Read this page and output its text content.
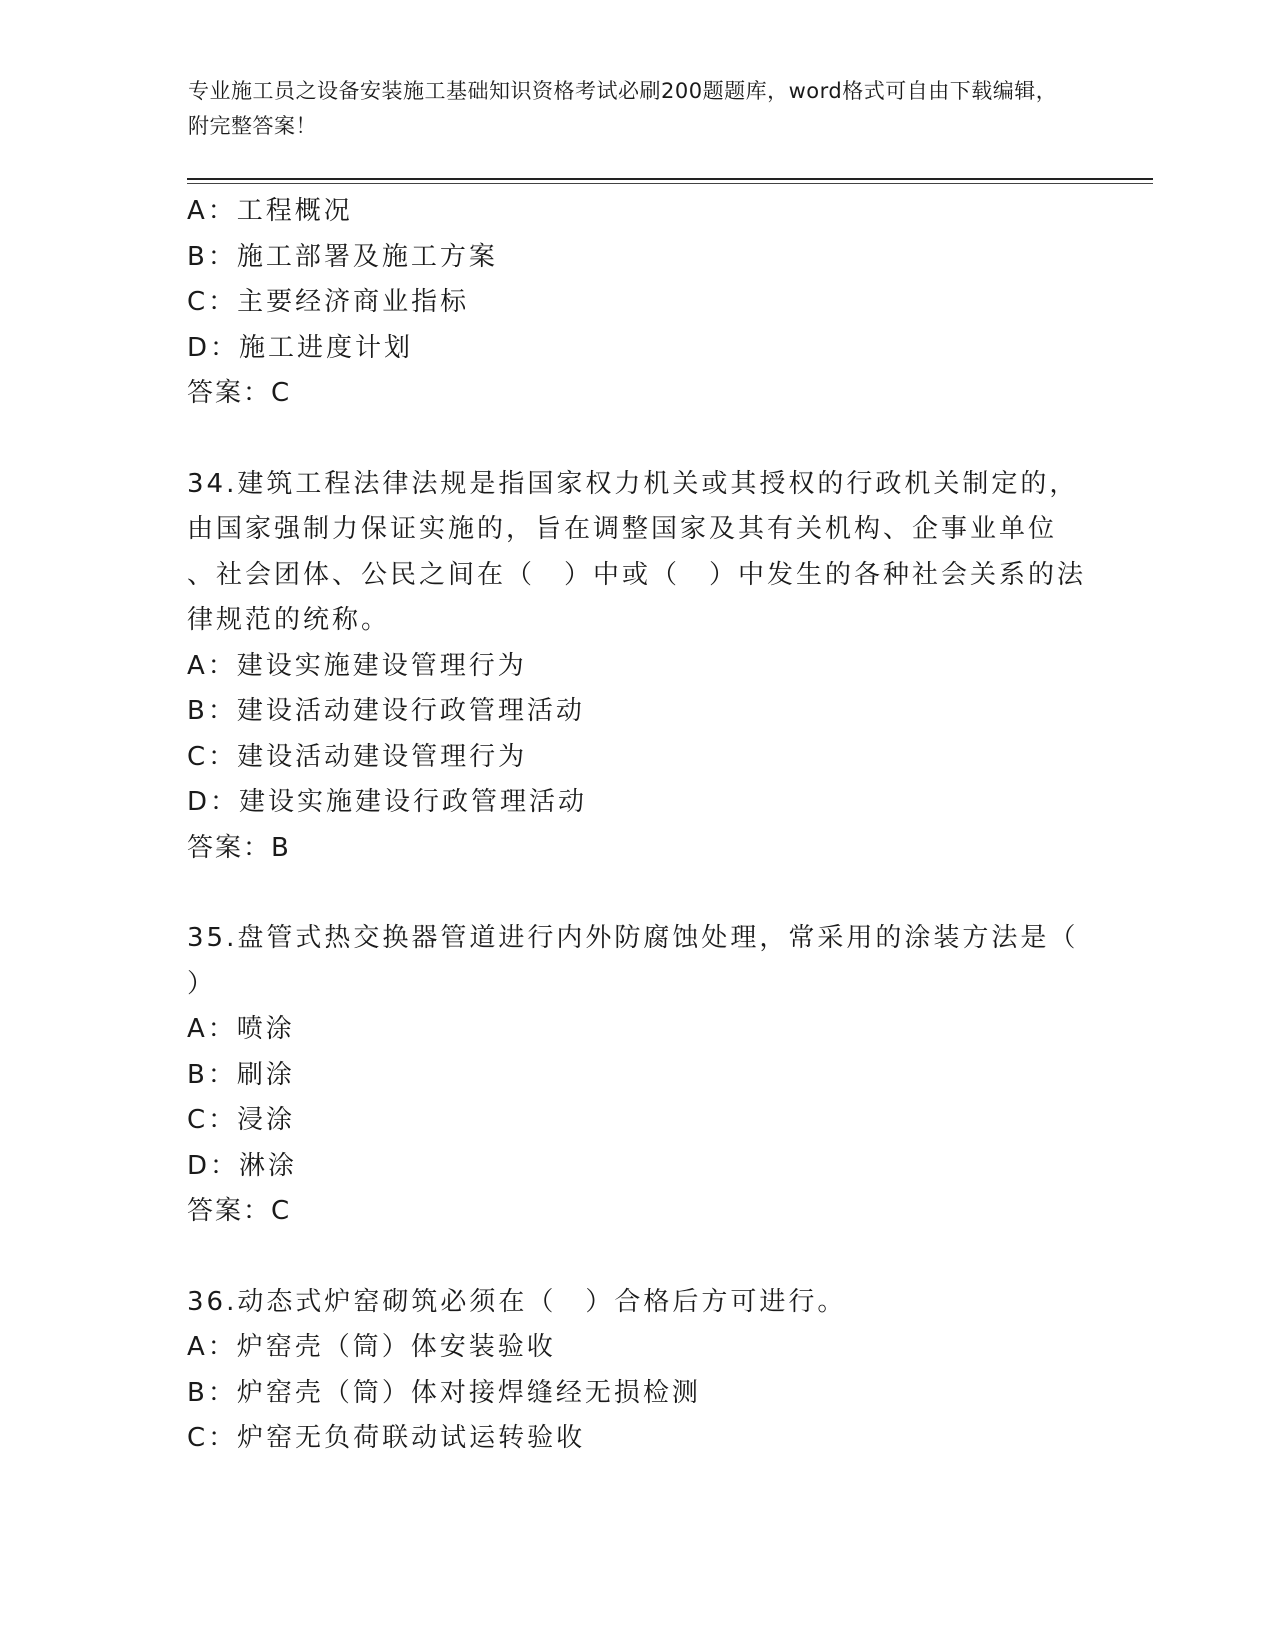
专业施工员之设备安装施工基础知识资格考试必刷200题题库，word格式可自由下载编辑，附完整答案！
A：工程概况
B：施工部署及施工方案
C：主要经济商业指标
D：施工进度计划
答案：C
34.建筑工程法律法规是指国家权力机关或其授权的行政机关制定的，
由国家强制力保证实施的，旨在调整国家及其有关机构、企事业单位
、社会团体、公民之间在（　）中或（　）中发生的各种社会关系的法
律规范的统称。
A：建设实施建设管理行为
B：建设活动建设行政管理活动
C：建设活动建设管理行为
D：建设实施建设行政管理活动
答案：B
35.盘管式热交换器管道进行内外防腐蚀处理，常采用的涂装方法是（
）
A：喷涂
B：刷涂
C：浸涂
D：淋涂
答案：C
36.动态式炉窑砌筑必须在（　）合格后方可进行。
A：炉窑壳（筒）体安装验收
B：炉窑壳（筒）体对接焊缝经无损检测
C：炉窑无负荷联动试运转验收
